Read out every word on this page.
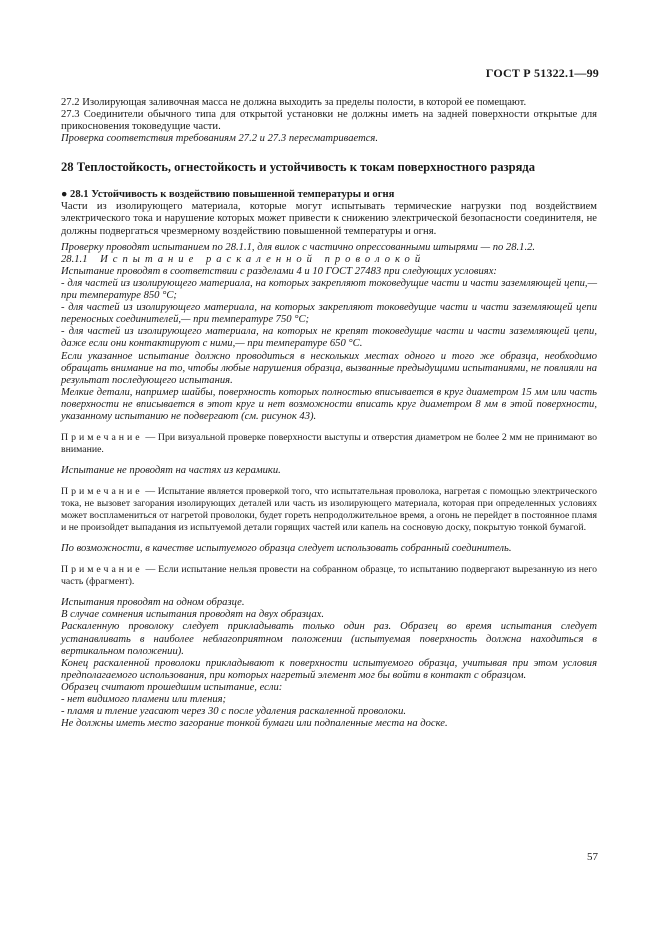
ГОСТ Р 51322.1—99

27.2 Изолирующая заливочная масса не должна выходить за пределы полости, в которой ее помещают.

27.3 Соединители обычного типа для открытой установки не должны иметь на задней поверхности открытые для прикосновения токоведущие части.

Проверка соответствия требованиям 27.2 и 27.3 пересматривается.

28 Теплостойкость, огнестойкость и устойчивость к токам поверхностного разряда
● 28.1 Устойчивость к воздействию повышенной температуры и огня

Части из изолирующего материала, которые могут испытывать термические нагрузки под воздействием электрического тока и нарушение которых может привести к снижению электрической безопасности соединителя, не должны подвергаться чрезмерному воздействию повышенной температуры и огня.

Проверку проводят испытанием по 28.1.1, для вилок с частично опрессованными штырями — по 28.1.2.

28.1.1 Испытание раскаленной проволокой

Испытание проводят в соответствии с разделами 4 и 10 ГОСТ 27483 при следующих условиях:

- для частей из изолирующего материала, на которых закрепляют токоведущие части и части заземляющей цепи,— при температуре 850 °С;

- для частей из изолирующего материала, на которых закрепляют токоведущие части и части заземляющей цепи переносных соединителей,— при температуре 750 °С;

- для частей из изолирующего материала, на которых не крепят токоведущие части и части заземляющей цепи, даже если они контактируют с ними,— при температуре 650 °С.

Если указанное испытание должно проводиться в нескольких местах одного и того же образца, необходимо обращать внимание на то, чтобы любые нарушения образца, вызванные предыдущими испытаниями, не повлияли на результат последующего испытания.

Мелкие детали, например шайбы, поверхность которых полностью вписывается в круг диаметром 15 мм или часть поверхности не вписывается в этот круг и нет возможности вписать круг диаметром 8 мм в этой поверхности, указанному испытанию не подвергают (см. рисунок 43).

Примечание — При визуальной проверке поверхности выступы и отверстия диаметром не более 2 мм не принимают во внимание.

Испытание не проводят на частях из керамики.

Примечание — Испытание является проверкой того, что испытательная проволока, нагретая с помощью электрического тока, не вызовет загорания изолирующих деталей или часть из изолирующего материала, которая при определенных условиях может воспламениться от нагретой проволоки, будет гореть непродолжительное время, а огонь не перейдет в постоянное пламя и не произойдет выпадания из испытуемой детали горящих частей или капель на сосновую доску, покрытую тонкой бумагой.

По возможности, в качестве испытуемого образца следует использовать собранный соединитель.

Примечание — Если испытание нельзя провести на собранном образце, то испытанию подвергают вырезанную из него часть (фрагмент).

Испытания проводят на одном образце.

В случае сомнения испытания проводят на двух образцах.

Раскаленную проволоку следует прикладывать только один раз. Образец во время испытания следует устанавливать в наиболее неблагоприятном положении (испытуемая поверхность должна находиться в вертикальном положении).

Конец раскаленной проволоки прикладывают к поверхности испытуемого образца, учитывая при этом условия предполагаемого использования, при которых нагретый элемент мог бы войти в контакт с образцом.

Образец считают прошедшим испытание, если:

- нет видимого пламени или тления;

- пламя и тление угасают через 30 с после удаления раскаленной проволоки.

Не должны иметь место загорание тонкой бумаги или подпаленные места на доске.

57
